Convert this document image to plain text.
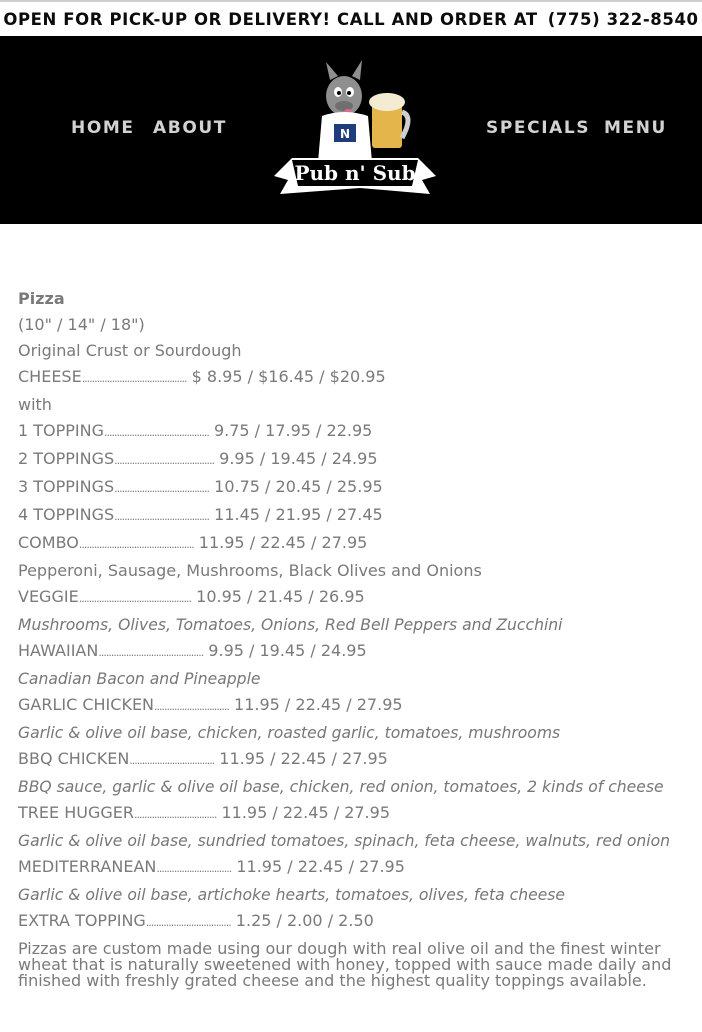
OPEN FOR PICK-UP OR DELIVERY! CALL AND ORDER AT (775) 322-8540
HOME ABOUT	N
Pub n' Sub
SPECIALS MENU
Pizza
(10" / 14" / 18")
Original Crust or Sourdough
CHEESE.......................................... $ 8.95 / $16.45 / $20.95
with
1 TOPPING.......................................... 9.75 / 17.95 / 22.95
2 TOPPINGS........................................ 9.95 / 19.45 / 24.95
3 TOPPINGS...................................... 10.75 / 20.45 / 25.95
4 TOPPINGS...................................... 11.45 / 21.95 / 27.45
COMBO.............................................. 11.95 / 22.45 / 27.95
Pepperoni, Sausage, Mushrooms, Black Olives and Onions
VEGGIE............................................. 10.95 / 21.45 / 26.95
Mushrooms, Olives, Tomatoes, Onions, Red Bell Peppers and Zucchini
HAWAIIAN.......................................... 9.95 / 19.45 / 24.95
Canadian Bacon and Pineapple
GARLIC CHICKEN.............................. 11.95 / 22.45 / 27.95
Garlic & olive oil base, chicken, roasted garlic, tomatoes, mushrooms
BBQ CHICKEN.................................. 11.95 / 22.45 / 27.95
BBQ sauce, garlic & olive oil base, chicken, red onion, tomatoes, 2 kinds of cheese
TREE HUGGER................................. 11.95 / 22.45 / 27.95
Garlic & olive oil base, sundried tomatoes, spinach, feta cheese, walnuts, red onion
MEDITERRANEAN.............................. 11.95 / 22.45 / 27.95
Garlic & olive oil base, artichoke hearts, tomatoes, olives, feta cheese
EXTRA TOPPING.................................. 1.25 / 2.00 / 2.50
Pizzas are custom made using our dough with real olive oil and the finest winter wheat that is naturally sweetened with honey, topped with sauce made daily and finished with freshly grated cheese and the highest quality toppings available.
